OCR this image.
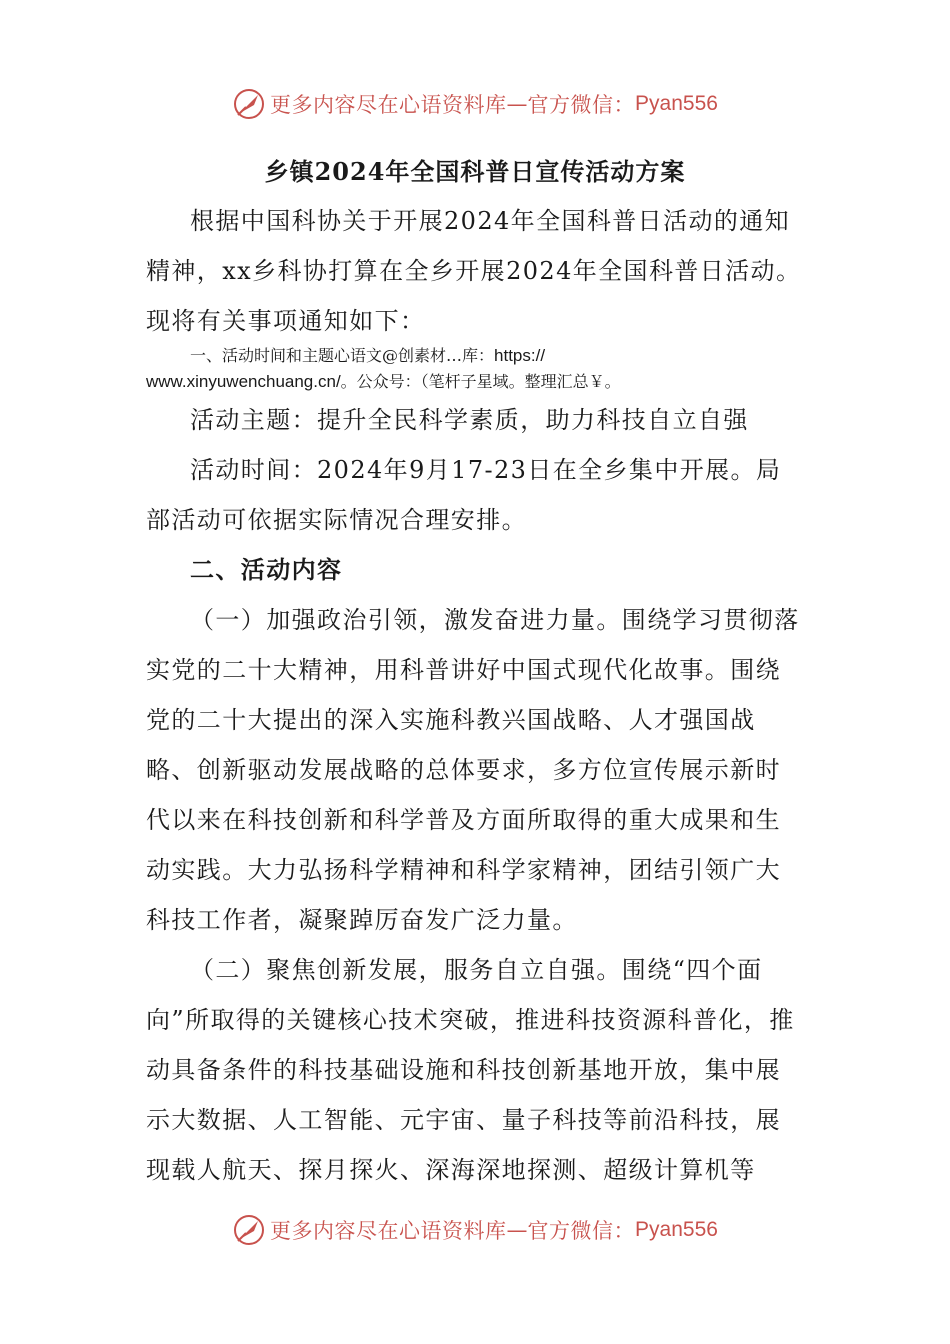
更多内容尽在心语资料库 — 官方微信： Pyan556
乡镇2024年全国科普日宣传活动方案

根据中国科协关于开展2024年全国科普日活动的通知精神，xx乡科协打算在全乡开展2024年全国科普日活动。现将有关事项通知如下：

一、活动时间和主题心语文@创素材…库：https://

www.xinyuwenchuang.cn/。公众号：（笔杆子星域。整理汇总￥。

活动主题：提升全民科学素质，助力科技自立自强

活动时间：2024年9月17-23日在全乡集中开展。局部活动可依据实际情况合理安排。

二、活动内容

（一）加强政治引领，激发奋进力量。围绕学习贯彻落实党的二十大精神，用科普讲好中国式现代化故事。围绕党的二十大提出的深入实施科教兴国战略、人才强国战略、创新驱动发展战略的总体要求，多方位宣传展示新时代以来在科技创新和科学普及方面所取得的重大成果和生动实践。大力弘扬科学精神和科学家精神，团结引领广大科技工作者，凝聚踔厉奋发广泛力量。

（二）聚焦创新发展，服务自立自强。围绕“四个面向”所取得的关键核心技术突破，推进科技资源科普化，推动具备条件的科技基础设施和科技创新基地开放，集中展示大数据、人工智能、元宇宙、量子科技等前沿科技，展现载人航天、探月探火、深海深地探测、超级计算机等

更多内容尽在心语资料库 — 官方微信： Pyan556
